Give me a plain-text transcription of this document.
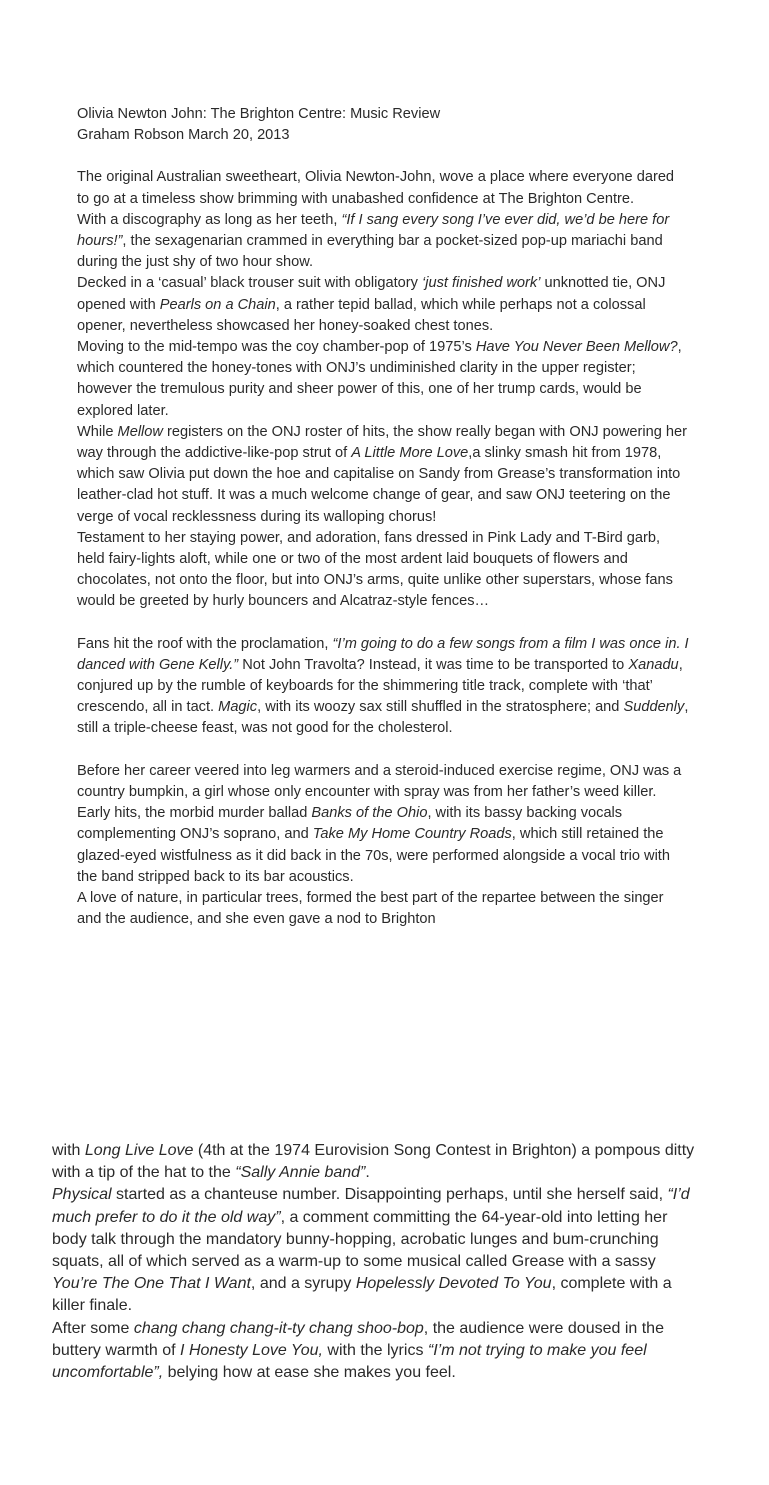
Olivia Newton John: The Brighton Centre: Music Review
Graham Robson March 20, 2013

The original Australian sweetheart, Olivia Newton-John, wove a place where everyone dared to go at a timeless show brimming with unabashed confidence at The Brighton Centre.

With a discography as long as her teeth, “If I sang every song I’ve ever did, we’d be here for hours!”, the sexagenarian crammed in everything bar a pocket-sized pop-up mariachi band during the just shy of two hour show.

Decked in a ‘casual’ black trouser suit with obligatory ‘just finished work’ unknotted tie, ONJ opened with Pearls on a Chain, a rather tepid ballad, which while perhaps not a colossal opener, nevertheless showcased her honey-soaked chest tones.

Moving to the mid-tempo was the coy chamber-pop of 1975’s Have You Never Been Mellow?, which countered the honey-tones with ONJ’s undiminished clarity in the upper register; however the tremulous purity and sheer power of this, one of her trump cards, would be explored later.

While Mellow registers on the ONJ roster of hits, the show really began with ONJ powering her way through the addictive-like-pop strut of A Little More Love,a slinky smash hit from 1978, which saw Olivia put down the hoe and capitalise on Sandy from Grease’s transformation into leather-clad hot stuff. It was a much welcome change of gear, and saw ONJ teetering on the verge of vocal recklessness during its walloping chorus!

Testament to her staying power, and adoration, fans dressed in Pink Lady and T-Bird garb, held fairy-lights aloft, while one or two of the most ardent laid bouquets of flowers and chocolates, not onto the floor, but into ONJ’s arms, quite unlike other superstars, whose fans would be greeted by hurly bouncers and Alcatraz-style fences…

Fans hit the roof with the proclamation, “I’m going to do a few songs from a film I was once in. I danced with Gene Kelly.” Not John Travolta? Instead, it was time to be transported to Xanadu, conjured up by the rumble of keyboards for the shimmering title track, complete with ‘that’ crescendo, all in tact. Magic, with its woozy sax still shuffled in the stratosphere; and Suddenly, still a triple-cheese feast, was not good for the cholesterol.

Before her career veered into leg warmers and a steroid-induced exercise regime, ONJ was a country bumpkin, a girl whose only encounter with spray was from her father’s weed killer. Early hits, the morbid murder ballad Banks of the Ohio, with its bassy backing vocals complementing ONJ’s soprano, and Take My Home Country Roads, which still retained the glazed-eyed wistfulness as it did back in the 70s, were performed alongside a vocal trio with the band stripped back to its bar acoustics.

A love of nature, in particular trees, formed the best part of the repartee between the singer and the audience, and she even gave a nod to Brighton

with Long Live Love (4th at the 1974 Eurovision Song Contest in Brighton) a pompous ditty with a tip of the hat to the “Sally Annie band”.

Physical started as a chanteuse number. Disappointing perhaps, until she herself said, “I’d much prefer to do it the old way”, a comment committing the 64-year-old into letting her body talk through the mandatory bunny-hopping, acrobatic lunges and bum-crunching squats, all of which served as a warm-up to some musical called Grease with a sassy You’re The One That I Want, and a syrupy Hopelessly Devoted To You, complete with a killer finale.

After some chang chang chang-it-ty chang shoo-bop, the audience were doused in the buttery warmth of I Honesty Love You, with the lyrics “I’m not trying to make you feel uncomfortable”, belying how at ease she makes you feel.
